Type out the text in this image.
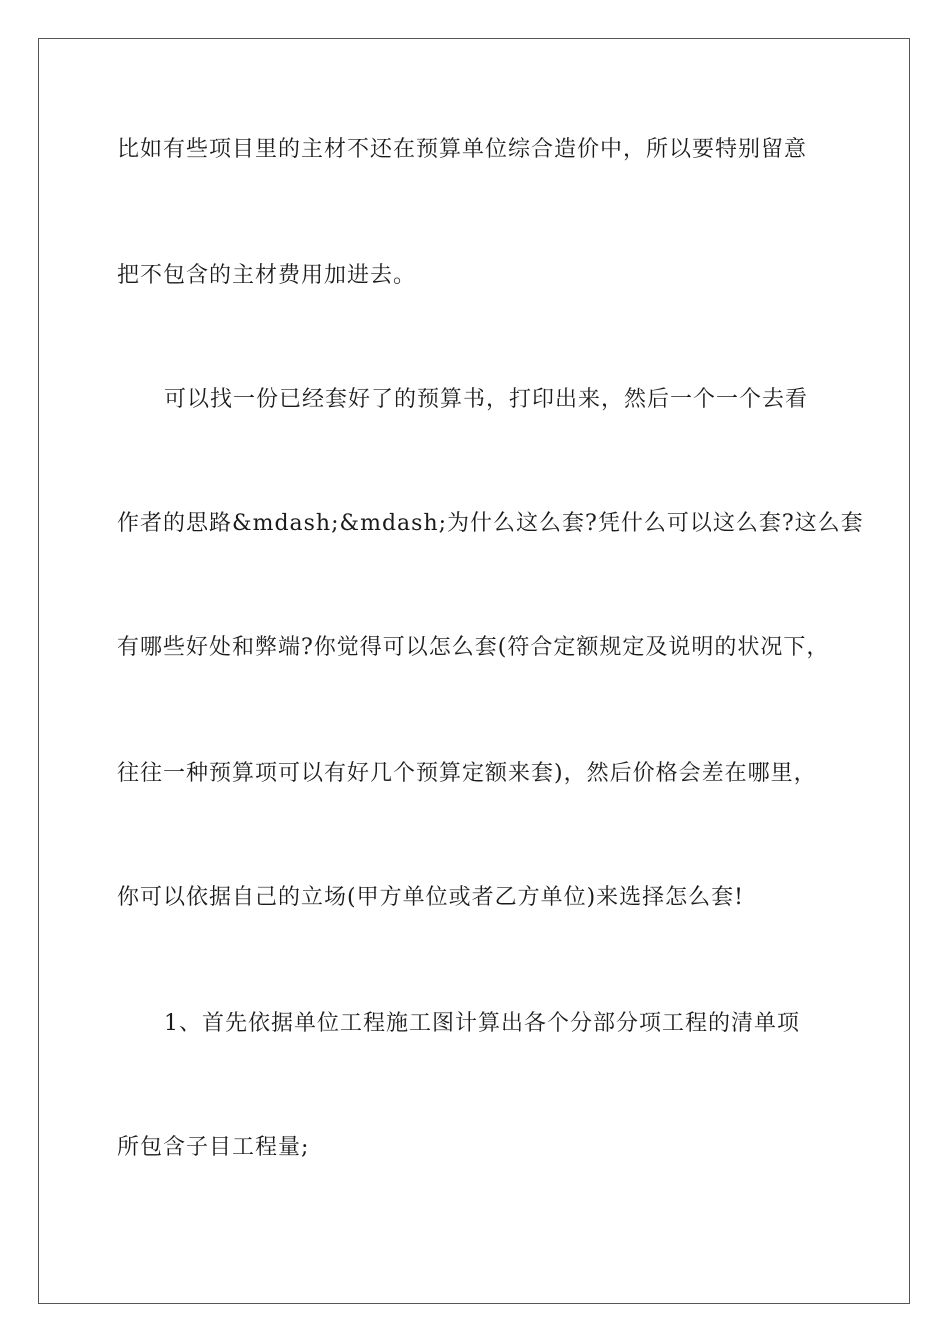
比如有些项目里的主材不还在预算单位综合造价中，所以要特别留意
把不包含的主材费用加进去。
可以找一份已经套好了的预算书，打印出来，然后一个一个去看
作者的思路&mdash;&mdash;为什么这么套?凭什么可以这么套?这么套
有哪些好处和弊端?你觉得可以怎么套(符合定额规定及说明的状况下，
往往一种预算项可以有好几个预算定额来套)，然后价格会差在哪里，
你可以依据自己的立场(甲方单位或者乙方单位)来选择怎么套!
1、首先依据单位工程施工图计算出各个分部分项工程的清单项
所包含子目工程量;
